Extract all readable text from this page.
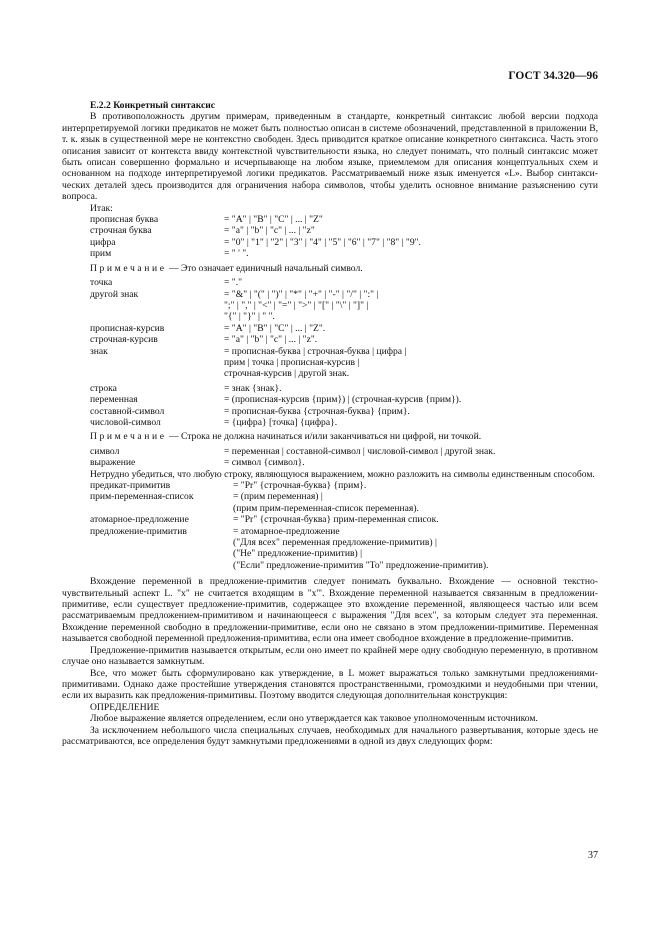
ГОСТ 34.320—96
E.2.2 Конкретный синтаксис
В противоположность другим примерам, приведенным в стандарте, конкретный синтаксис любой версии подхода интерпретируемой логики предикатов не может быть полностью описан в системе обозначений, представленной в приложении В, т. к. язык в существенной мере не контекстно свободен. Здесь приводится краткое описание конкретного синтаксиса. Часть этого описания зависит от контекста ввиду контекстной чувствительности языка, но следует понимать, что полный синтаксис может быть описан совершенно формально и исчерпывающе на любом языке, приемлемом для описания концептуальных схем и основанном на подходе интерпретируемой логики предикатов. Рассматриваемый ниже язык именуется «L». Выбор синтаксических деталей здесь производится для ограничения набора символов, чтобы уделить основное внимание разъяснению сути вопроса.
Итак:
прописная буква	= "А" | "В" | "С" | ... | "Z"

строчная буква	= "а" | "b" | "с" | ... | "z"

цифра	= "0" | "1" | "2" | "3" | "4" | "5" | "6" | "7" | "8" | "9".

прим	= " ' ".
Примечание — Это означает единичный начальный символ.
точка	= "."

другой знак	= "&" | "(" | ")" | "*" | "+" | "-" | "/" | ":" |
";" | "," | "<" | "=" | ">" | "[" | "\" | "]" |
"{" | "}" | " ".

прописная-курсив	= "A" | "B" | "C" | ... | "Z".

строчная-курсив	= "a" | "b" | "c" | ... | "z".

знак	= прописная-буква | строчная-буква | цифра |
прим | точка | прописная-курсив |
строчная-курсив | другой знак.
строка	= знак {знак}.

переменная	= (прописная-курсив {прим}) | (строчная-курсив {прим}).

составной-символ	= прописная-буква {строчная-буква} {прим}.

числовой-символ	= {цифра} [точка] {цифра}.
Примечание — Строка не должна начинаться и/или заканчиваться ни цифрой, ни точкой.
символ	= переменная | составной-символ | числовой-символ | другой знак.

выражение	= символ {символ}.
Нетрудно убедиться, что любую строку, являющуюся выражением, можно разложить на символы единственным способом.
предикат-примитив	= "Pr" {строчная-буква} {прим}.

прим-переменная-список	= (прим переменная) |
(прим прим-переменная-список переменная).

атомарное-предложение	= "Pr" {строчная-буква} прим-переменная список.

предложение-примитив	= атомарное-предложение
("Для всех" переменная предложение-примитив) |
("Не" предложение-примитив) |
("Если" предложение-примитив "То" предложение-примитив).
Вхождение переменной в предложение-примитив следует понимать буквально. Вхождение — основной текстно-чувствительный аспект L. "х" не считается входящим в "х'". Вхождение переменной называется связанным в предложении-примитиве, если существует предложение-примитив, содержащее это вхождение переменной, являющееся частью или всем рассматриваемым предложением-примитивом и начинающееся с выражения "Для всех", за которым следует эта переменная. Вхождение переменной свободно в предложении-примитиве, если оно не связано в этом предложении-примитиве. Переменная называется свободной переменной предложения-примитива, если она имеет свободное вхождение в предложение-примитив.
Предложение-примитив называется открытым, если оно имеет по крайней мере одну свободную переменную, в противном случае оно называется замкнутым.
Все, что может быть сформулировано как утверждение, в L может выражаться только замкнутыми предложениями-примитивами. Однако даже простейшие утверждения становятся пространственными, громоздкими и неудобными при чтении, если их выразить как предложения-примитивы. Поэтому вводится следующая дополнительная конструкция:
ОПРЕДЕЛЕНИЕ
Любое выражение является определением, если оно утверждается как таковое уполномоченным источником.
За исключением небольшого числа специальных случаев, необходимых для начального развертывания, которые здесь не рассматриваются, все определения будут замкнутыми предложениями в одной из двух следующих форм:
37
